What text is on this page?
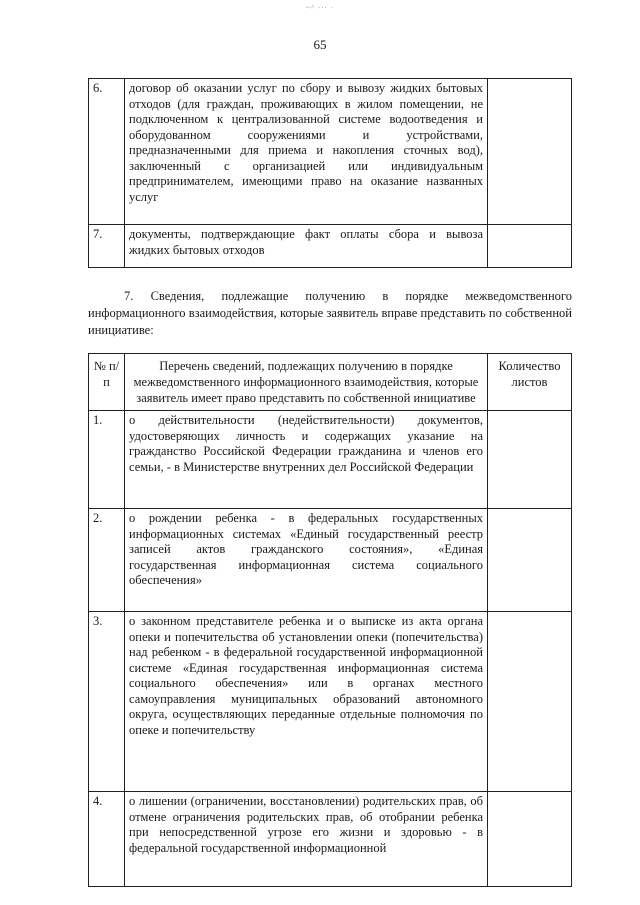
~^ ··· ·
65
6.	договор об оказании услуг по сбору и вывозу жидких бытовых отходов (для граждан, проживающих в жилом помещении, не подключенном к централизованной системе водоотведения и оборудованном сооружениями и устройствами, предназначенными для приема и накопления сточных вод), заключенный с организацией или индивидуальным предпринимателем, имеющими право на оказание названных услуг	
7.	документы, подтверждающие факт оплаты сбора и вывоза жидких бытовых отходов	
7. Сведения, подлежащие получению в порядке межведомственного информационного взаимодействия, которые заявитель вправе представить по собственной инициативе:
№ п/п	Перечень сведений, подлежащих получению в порядке межведомственного информационного взаимодействия, которые заявитель имеет право представить по собственной инициативе	Количество листов
1.	о действительности (недействительности) документов, удостоверяющих личность и содержащих указание на гражданство Российской Федерации гражданина и членов его семьи, - в Министерстве внутренних дел Российской Федерации	
2.	о рождении ребенка - в федеральных государственных информационных системах «Единый государственный реестр записей актов гражданского состояния», «Единая государственная информационная система социального обеспечения»	
3.	о законном представителе ребенка и о выписке из акта органа опеки и попечительства об установлении опеки (попечительства) над ребенком - в федеральной государственной информационной системе «Единая государственная информационная система социального обеспечения» или в органах местного самоуправления муниципальных образований автономного округа, осуществляющих переданные отдельные полномочия по опеке и попечительству	
4.	о лишении (ограничении, восстановлении) родительских прав, об отмене ограничения родительских прав, об отобрании ребенка при непосредственной угрозе его жизни и здоровью - в федеральной государственной информационной	
